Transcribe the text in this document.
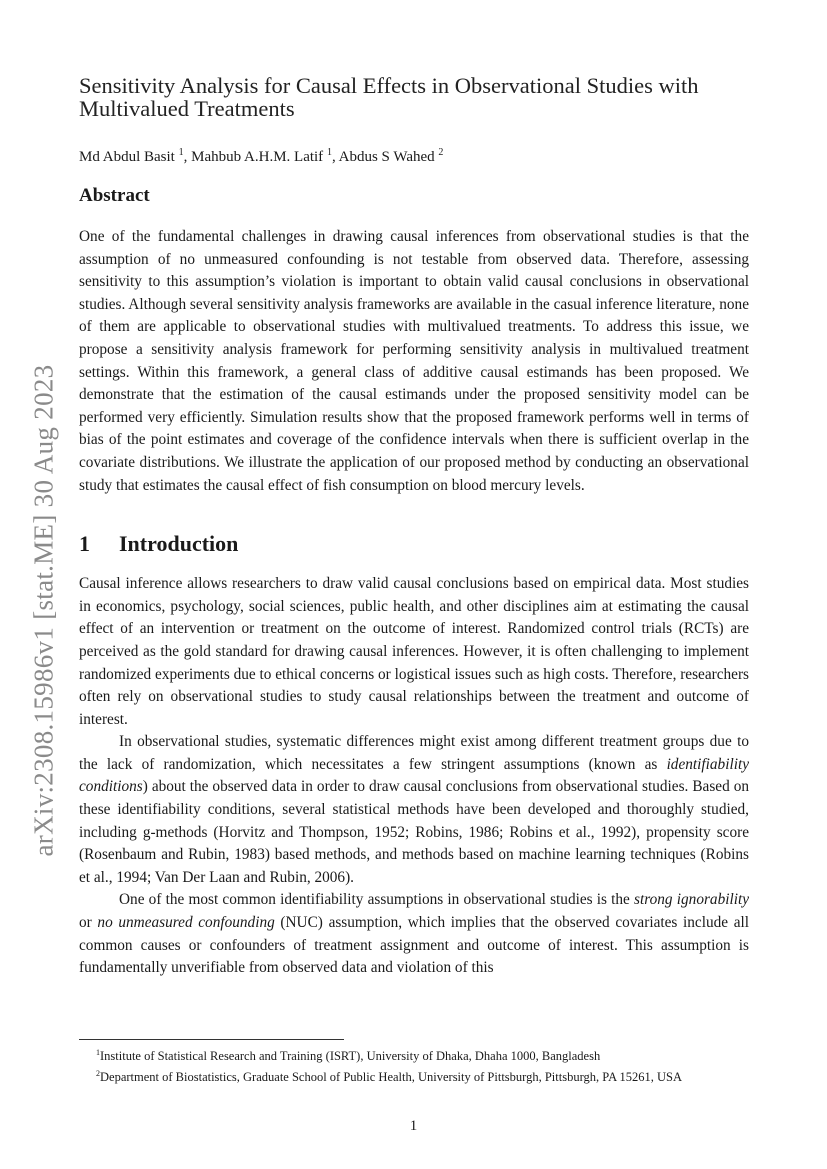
arXiv:2308.15986v1 [stat.ME] 30 Aug 2023
Sensitivity Analysis for Causal Effects in Observational Studies with Multivalued Treatments
Md Abdul Basit $^1$, Mahbub A.H.M. Latif $^1$, Abdus S Wahed $^2$
Abstract

One of the fundamental challenges in drawing causal inferences from observational studies is that the assumption of no unmeasured confounding is not testable from observed data. Therefore, assessing sensitivity to this assumption’s violation is important to obtain valid causal conclusions in observational studies. Although several sensitivity analysis frameworks are available in the casual inference literature, none of them are applicable to observational studies with multivalued treatments. To address this issue, we propose a sensitivity analysis framework for performing sensitivity analysis in multivalued treatment settings. Within this framework, a general class of additive causal estimands has been proposed. We demonstrate that the estimation of the causal estimands under the proposed sensitivity model can be performed very efficiently. Simulation results show that the proposed framework performs well in terms of bias of the point estimates and coverage of the confidence intervals when there is sufficient overlap in the covariate distributions. We illustrate the application of our proposed method by conducting an observational study that estimates the causal effect of fish consumption on blood mercury levels.

1 Introduction

Causal inference allows researchers to draw valid causal conclusions based on empirical data. Most studies in economics, psychology, social sciences, public health, and other disciplines aim at estimating the causal effect of an intervention or treatment on the outcome of interest. Randomized control trials (RCTs) are perceived as the gold standard for drawing causal inferences. However, it is often challenging to implement randomized experiments due to ethical concerns or logistical issues such as high costs. Therefore, researchers often rely on observational studies to study causal relationships between the treatment and outcome of interest.

In observational studies, systematic differences might exist among different treatment groups due to the lack of randomization, which necessitates a few stringent assumptions (known as identifiability conditions) about the observed data in order to draw causal conclusions from observational studies. Based on these identifiability conditions, several statistical methods have been developed and thoroughly studied, including g-methods (Horvitz and Thompson, 1952; Robins, 1986; Robins et al., 1992), propensity score (Rosenbaum and Rubin, 1983) based methods, and methods based on machine learning techniques (Robins et al., 1994; Van Der Laan and Rubin, 2006).

One of the most common identifiability assumptions in observational studies is the strong ignorability or no unmeasured confounding (NUC) assumption, which implies that the observed covariates include all common causes or confounders of treatment assignment and outcome of interest. This assumption is fundamentally unverifiable from observed data and violation of this

$^1$Institute of Statistical Research and Training (ISRT), University of Dhaka, Dhaha 1000, Bangladesh

$^2$Department of Biostatistics, Graduate School of Public Health, University of Pittsburgh, Pittsburgh, PA 15261, USA

1
